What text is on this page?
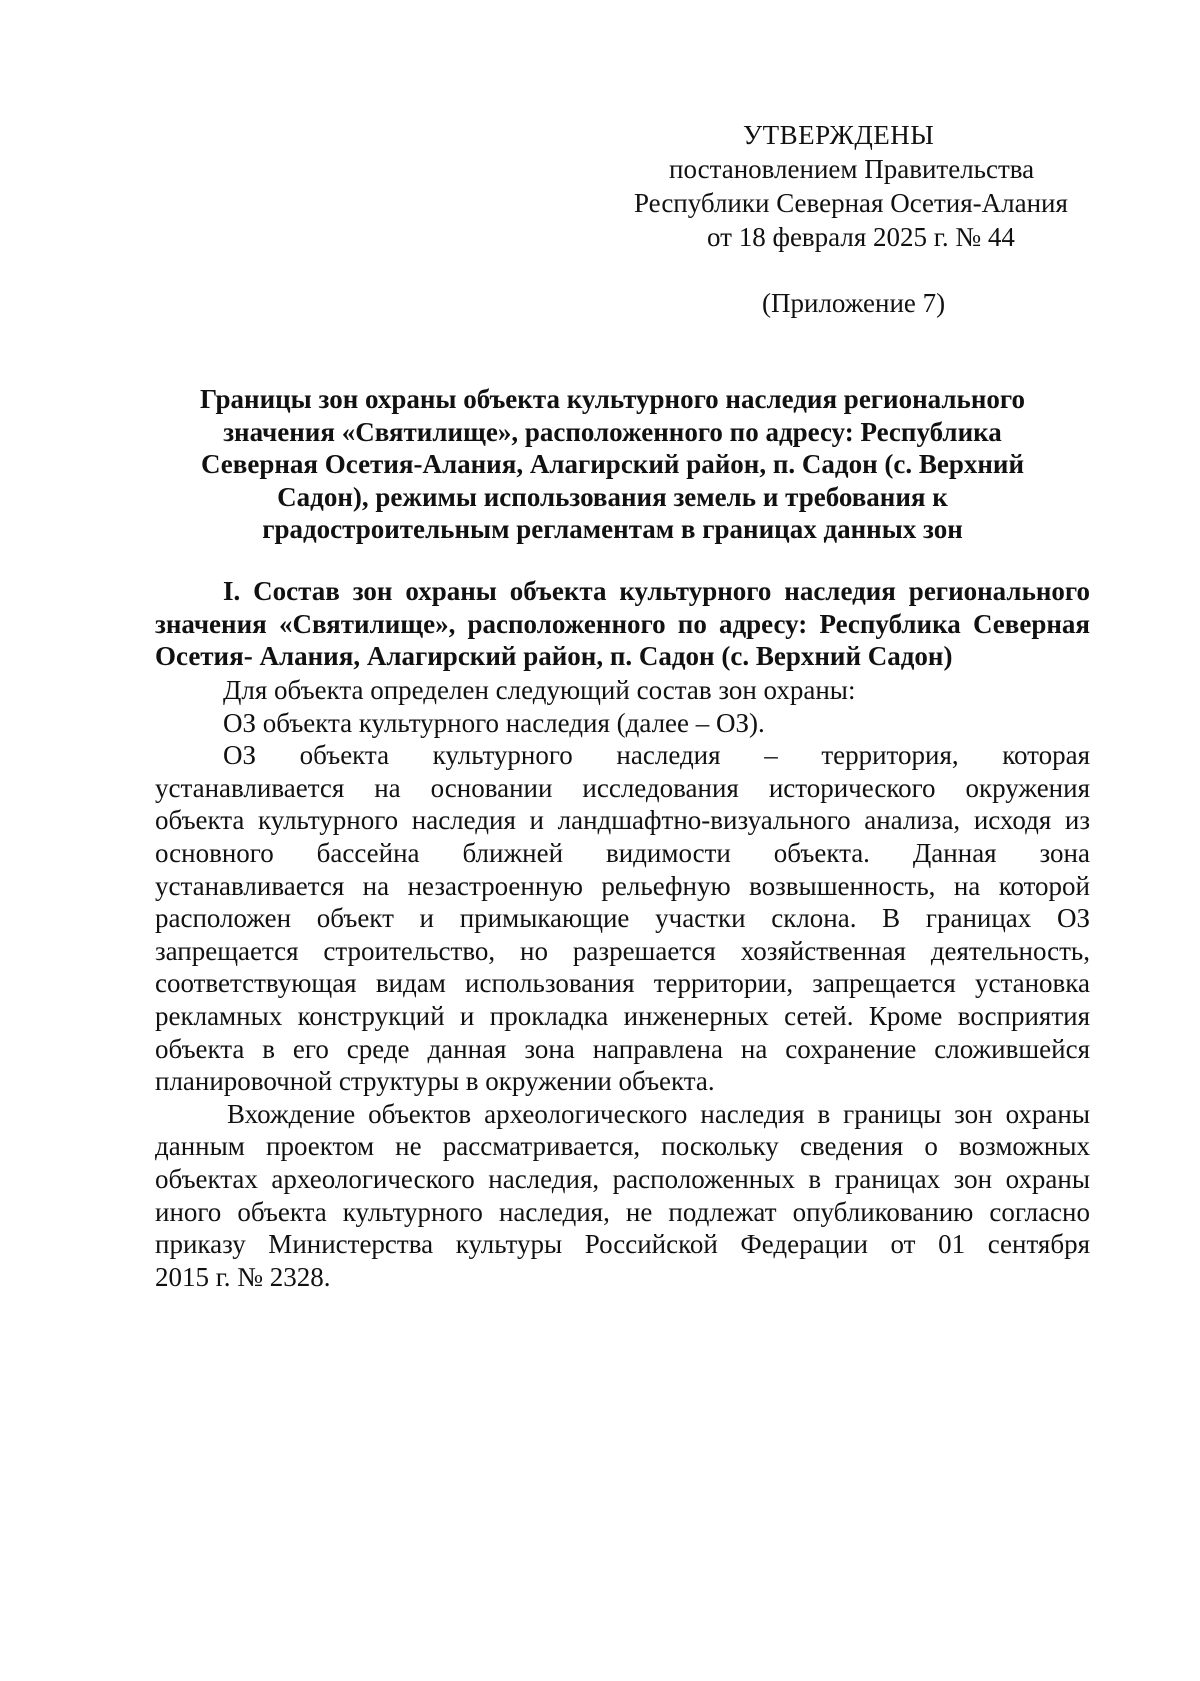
УТВЕРЖДЕНЫ
постановлением Правительства
Республики Северная Осетия-Алания
от 18 февраля 2025 г. № 44
(Приложение 7)
Границы зон охраны объекта культурного наследия регионального
значения «Святилище», расположенного по адресу: Республика
Северная Осетия-Алания, Алагирский район, п. Садон (с. Верхний
Садон), режимы использования земель и требования к
градостроительным регламентам в границах данных зон
I. Состав зон охраны объекта культурного наследия регионального
значения «Святилище», расположенного по адресу: Республика Северная
Осетия- Алания, Алагирский район, п. Садон (с. Верхний Садон)
Для объекта определен следующий состав зон охраны:
ОЗ объекта культурного наследия (далее – ОЗ).
ОЗ объекта культурного наследия – территория, которая
устанавливается на основании исследования исторического окружения
объекта культурного наследия и ландшафтно-визуального анализа, исходя из
основного бассейна ближней видимости объекта. Данная зона
устанавливается на незастроенную рельефную возвышенность, на которой
расположен объект и примыкающие участки склона. В границах ОЗ
запрещается строительство, но разрешается хозяйственная деятельность,
соответствующая видам использования территории, запрещается установка
рекламных конструкций и прокладка инженерных сетей. Кроме восприятия
объекта в его среде данная зона направлена на сохранение сложившейся
планировочной структуры в окружении объекта.
Вхождение объектов археологического наследия в границы зон охраны
данным проектом не рассматривается, поскольку сведения о возможных
объектах археологического наследия, расположенных в границах зон охраны
иного объекта культурного наследия, не подлежат опубликованию согласно
приказу Министерства культуры Российской Федерации от 01 сентября
2015 г. № 2328.
